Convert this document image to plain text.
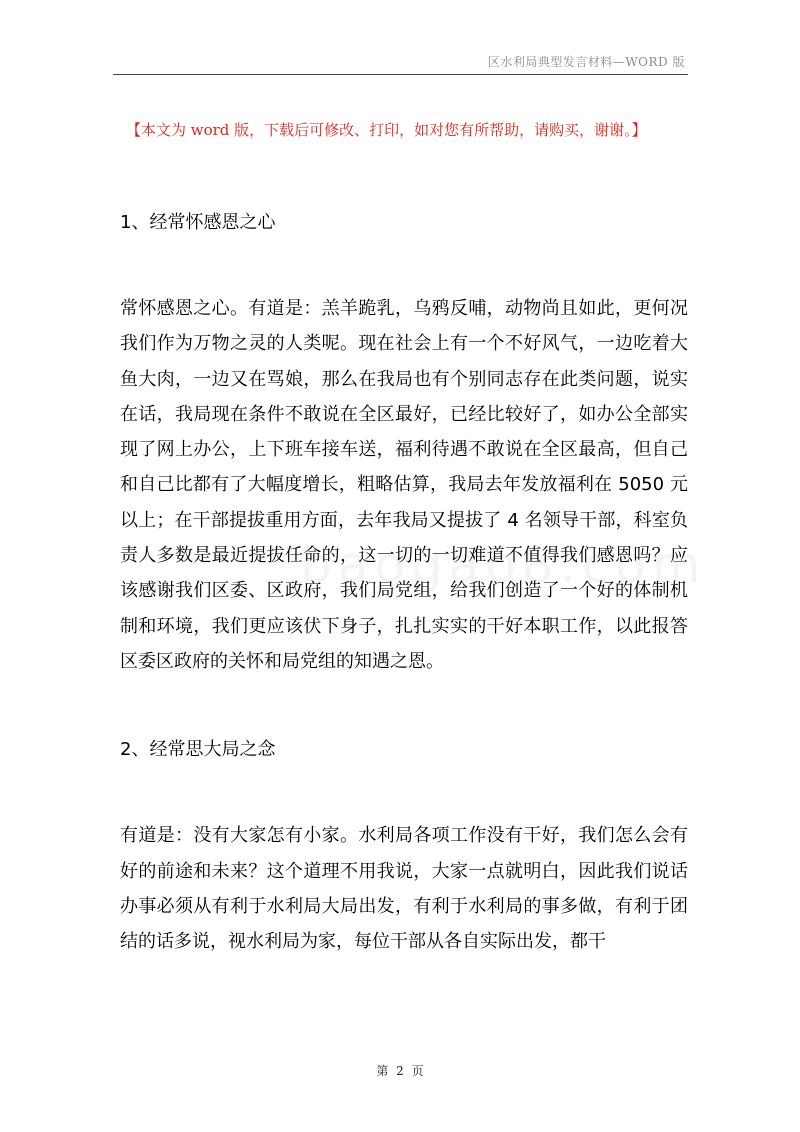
区水利局典型发言材料—WORD 版
【本文为 word 版，下载后可修改、打印，如对您有所帮助，请购买，谢谢。】

1、经常怀感恩之心

常怀感恩之心。有道是：羔羊跪乳，乌鸦反哺，动物尚且如此，更何况我们作为万物之灵的人类呢。现在社会上有一个不好风气，一边吃着大鱼大肉，一边又在骂娘，那么在我局也有个别同志存在此类问题，说实在话，我局现在条件不敢说在全区最好，已经比较好了，如办公全部实现了网上办公，上下班车接车送，福利待遇不敢说在全区最高，但自己和自己比都有了大幅度增长，粗略估算，我局去年发放福利在 5050 元以上；在干部提拔重用方面，去年我局又提拔了 4 名领导干部，科室负责人多数是最近提拔任命的，这一切的一切难道不值得我们感恩吗？应该感谢我们区委、区政府，我们局党组，给我们创造了一个好的体制机制和环境，我们更应该伏下身子，扎扎实实的干好本职工作，以此报答区委区政府的关怀和局党组的知遇之恩。

2、经常思大局之念

有道是：没有大家怎有小家。水利局各项工作没有干好，我们怎么会有好的前途和未来？这个道理不用我说，大家一点就明白，因此我们说话办事必须从有利于水利局大局出发，有利于水利局的事多做，有利于团结的话多说，视水利局为家，每位干部从各自实际出发，都干

第 2 页
